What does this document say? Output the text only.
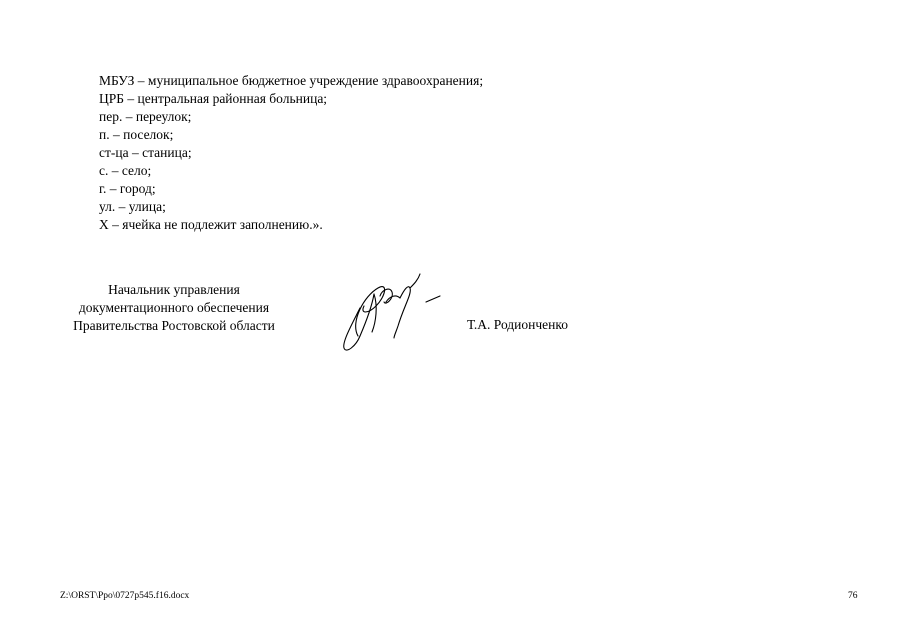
МБУЗ – муниципальное бюджетное учреждение здравоохранения;
ЦРБ – центральная районная больница;
пер. – переулок;
п. – поселок;
ст-ца – станица;
с. – село;
г. – город;
ул. – улица;
Х – ячейка не подлежит заполнению.».
Начальник управления
документационного обеспечения
Правительства Ростовской области	Т.А. Родионченко
Z:\ORST\Ppo\0727p545.f16.docx	76
